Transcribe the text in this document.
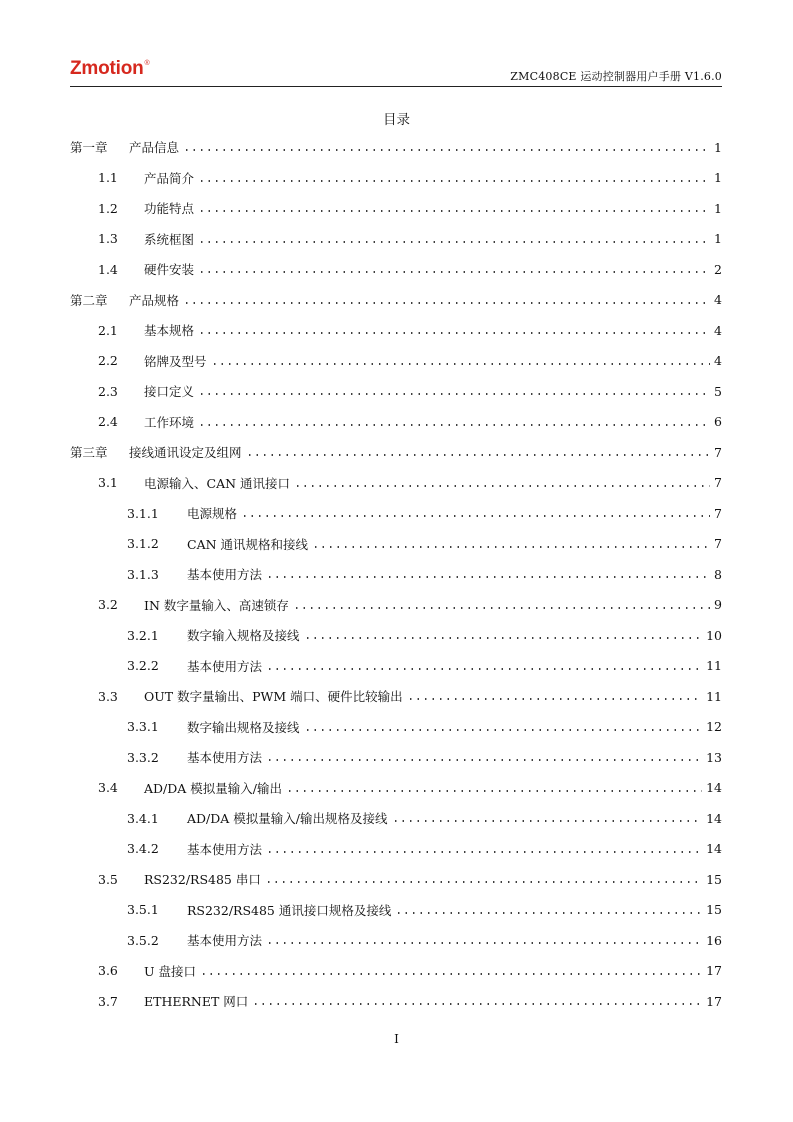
Zmotion®
ZMC408CE 运动控制器用户手册 V1.6.0
目录
第一章	产品信息	1
1.1	产品简介	1
1.2	功能特点	1
1.3	系统框图	1
1.4	硬件安装	2
第二章	产品规格	4
2.1	基本规格	4
2.2	铭牌及型号	4
2.3	接口定义	5
2.4	工作环境	6
第三章	接线通讯设定及组网	7
3.1	电源输入、CAN 通讯接口	7
3.1.1	电源规格	7
3.1.2	CAN 通讯规格和接线	7
3.1.3	基本使用方法	8
3.2	IN 数字量输入、高速锁存	9
3.2.1	数字输入规格及接线	10
3.2.2	基本使用方法	11
3.3	OUT 数字量输出、PWM 端口、硬件比较输出	11
3.3.1	数字输出规格及接线	12
3.3.2	基本使用方法	13
3.4	AD/DA 模拟量输入/输出	14
3.4.1	AD/DA 模拟量输入/输出规格及接线	14
3.4.2	基本使用方法	14
3.5	RS232/RS485 串口	15
3.5.1	RS232/RS485 通讯接口规格及接线	15
3.5.2	基本使用方法	16
3.6	U 盘接口	17
3.7	ETHERNET 网口	17
I
